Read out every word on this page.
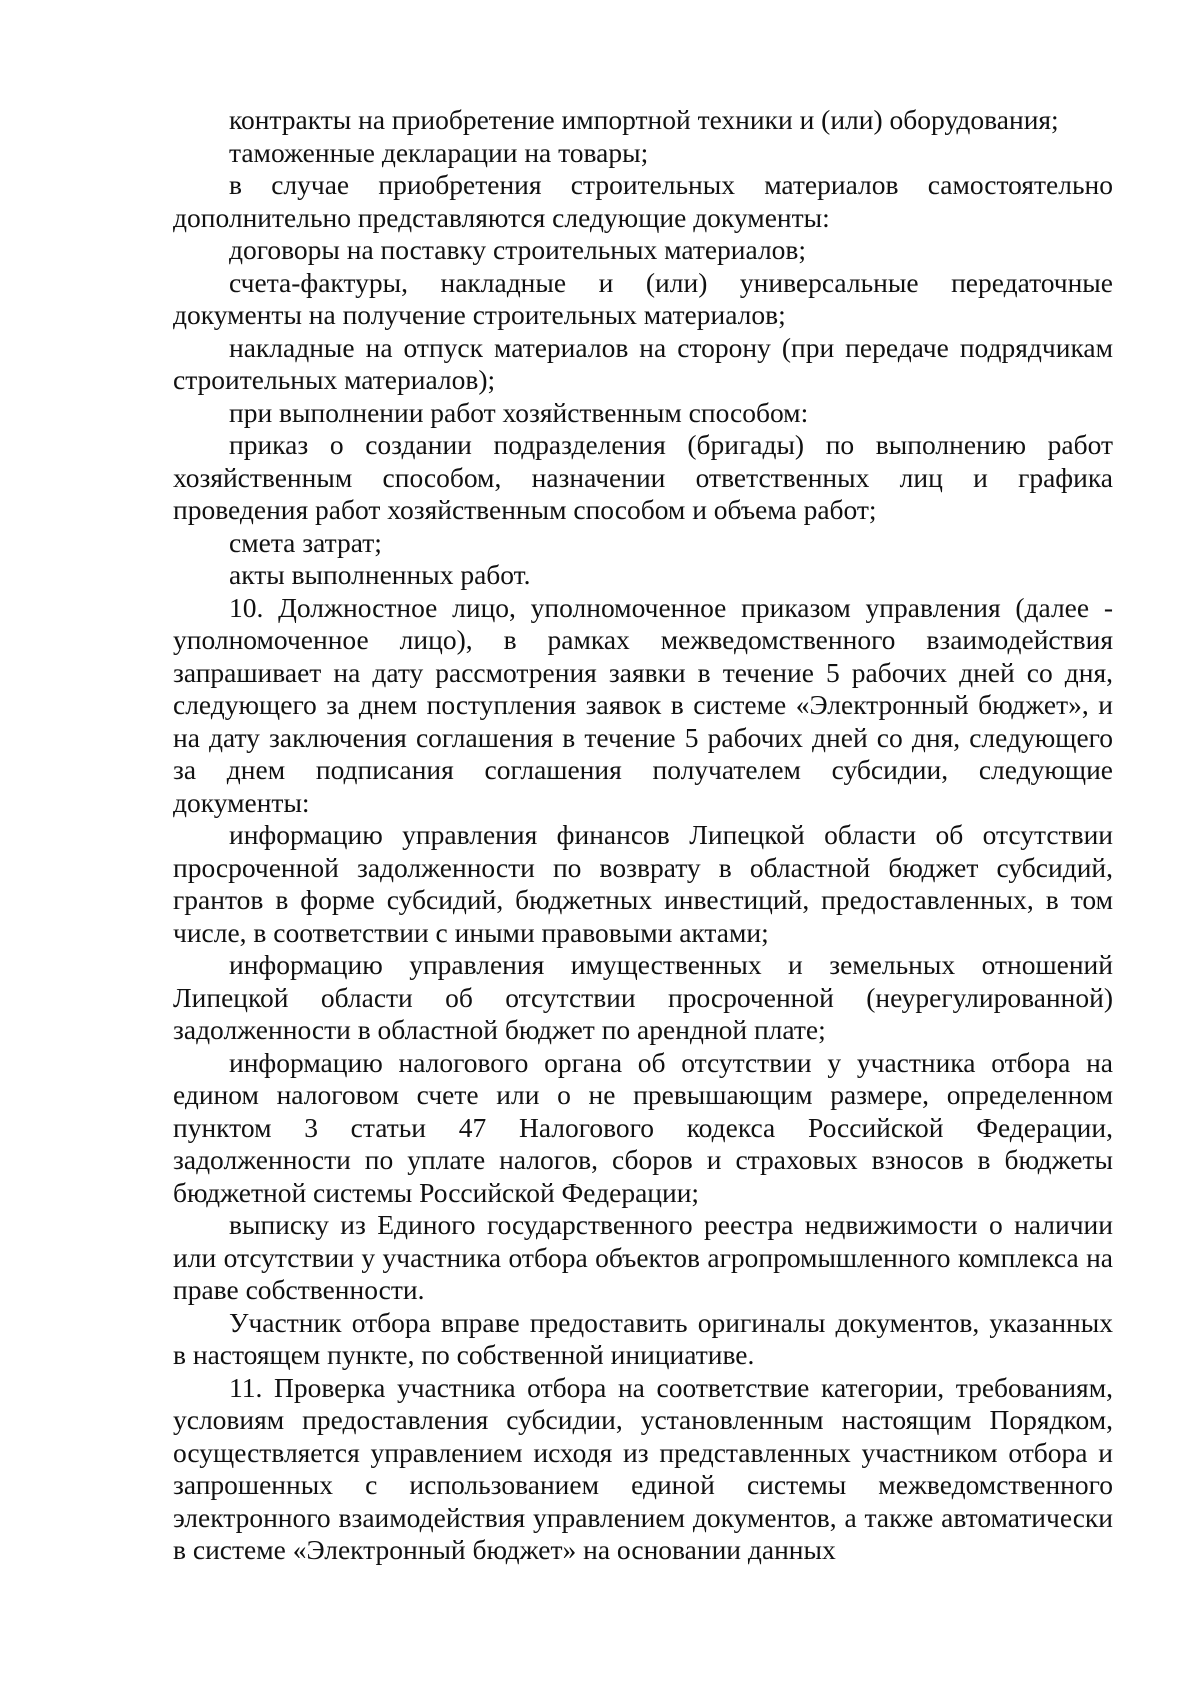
контракты на приобретение импортной техники и (или) оборудования;

таможенные декларации на товары;

в случае приобретения строительных материалов самостоятельно дополнительно представляются следующие документы:

договоры на поставку строительных материалов;

счета-фактуры, накладные и (или) универсальные передаточные документы на получение строительных материалов;

накладные на отпуск материалов на сторону (при передаче подрядчикам строительных материалов);

при выполнении работ хозяйственным способом:

приказ о создании подразделения (бригады) по выполнению работ хозяйственным способом, назначении ответственных лиц и графика проведения работ хозяйственным способом и объема работ;

смета затрат;

акты выполненных работ.

10. Должностное лицо, уполномоченное приказом управления (далее - уполномоченное лицо), в рамках межведомственного взаимодействия запрашивает на дату рассмотрения заявки в течение 5 рабочих дней со дня, следующего за днем поступления заявок в системе «Электронный бюджет», и на дату заключения соглашения в течение 5 рабочих дней со дня, следующего за днем подписания соглашения получателем субсидии, следующие документы:

информацию управления финансов Липецкой области об отсутствии просроченной задолженности по возврату в областной бюджет субсидий, грантов в форме субсидий, бюджетных инвестиций, предоставленных, в том числе, в соответствии с иными правовыми актами;

информацию управления имущественных и земельных отношений Липецкой области об отсутствии просроченной (неурегулированной) задолженности в областной бюджет по арендной плате;

информацию налогового органа об отсутствии у участника отбора на едином налоговом счете или о не превышающим размере, определенном пунктом 3 статьи 47 Налогового кодекса Российской Федерации, задолженности по уплате налогов, сборов и страховых взносов в бюджеты бюджетной системы Российской Федерации;

выписку из Единого государственного реестра недвижимости о наличии или отсутствии у участника отбора объектов агропромышленного комплекса на праве собственности.

Участник отбора вправе предоставить оригиналы документов, указанных в настоящем пункте, по собственной инициативе.

11. Проверка участника отбора на соответствие категории, требованиям, условиям предоставления субсидии, установленным настоящим Порядком, осуществляется управлением исходя из представленных участником отбора и запрошенных с использованием единой системы межведомственного электронного взаимодействия управлением документов, а также автоматически в системе «Электронный бюджет» на основании данных
